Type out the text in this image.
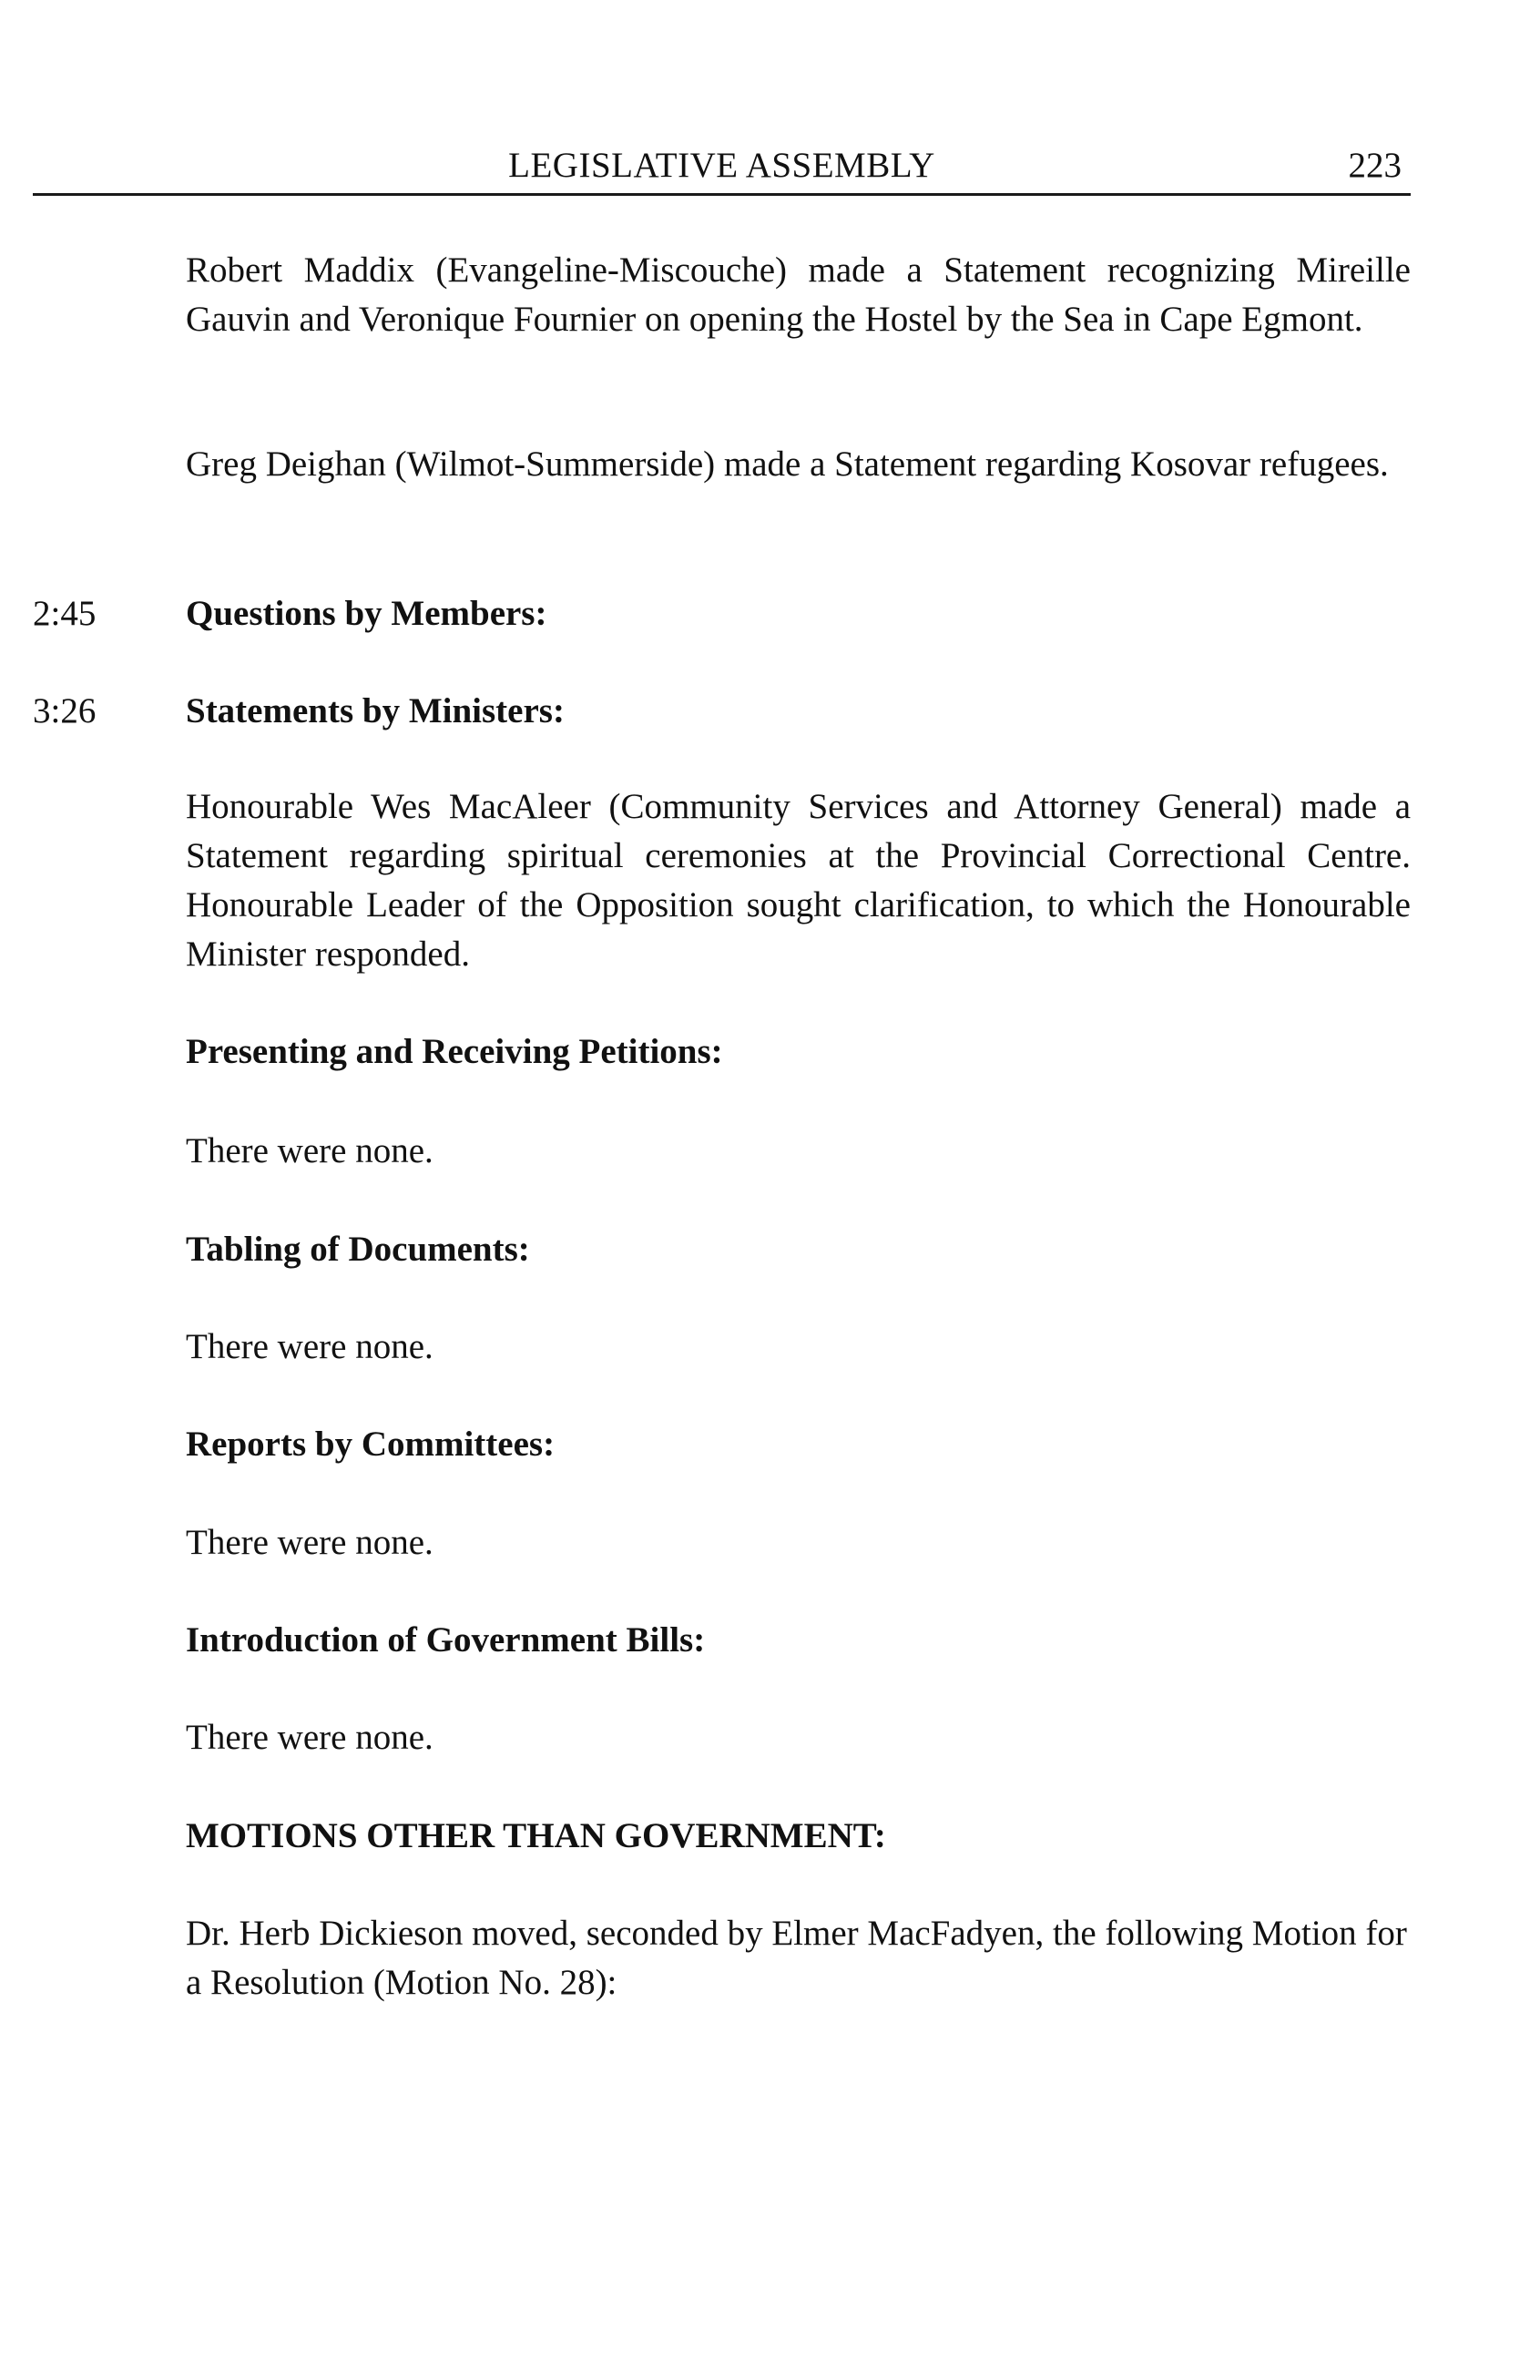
LEGISLATIVE ASSEMBLY	223
Robert Maddix (Evangeline-Miscouche) made a Statement recognizing Mireille Gauvin and Veronique Fournier on opening the Hostel by the Sea in Cape Egmont.
Greg Deighan (Wilmot-Summerside) made a Statement regarding Kosovar refugees.
2:45	Questions by Members:
3:26	Statements by Ministers:
Honourable Wes MacAleer (Community Services and Attorney General) made a Statement regarding spiritual ceremonies at the Provincial Correctional Centre. Honourable Leader of the Opposition sought clarification, to which the Honourable Minister responded.
Presenting and Receiving Petitions:
There were none.
Tabling of Documents:
There were none.
Reports by Committees:
There were none.
Introduction of Government Bills:
There were none.
MOTIONS OTHER THAN GOVERNMENT:
Dr. Herb Dickieson moved, seconded by Elmer MacFadyen, the following Motion for a Resolution (Motion No. 28):
